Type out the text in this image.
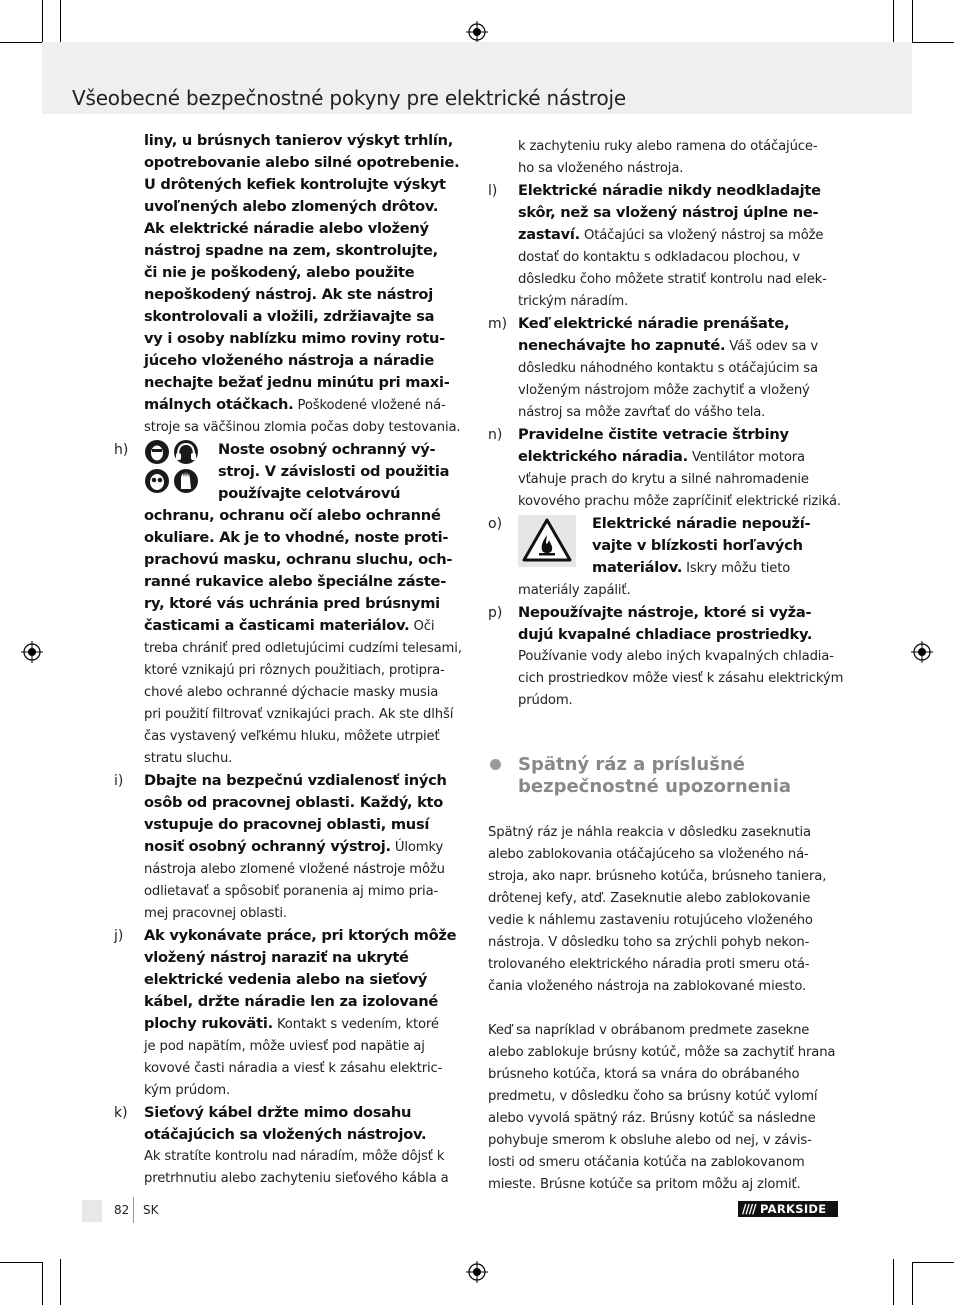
Všeobecné bezpečnostné pokyny pre elektrické nástroje
liny, u brúsnych tanierov výskyt trhlín,
opotrebovanie alebo silné opotrebenie.
U drôtených kefiek kontrolujte výskyt
uvoľnených alebo zlomených drôtov.
Ak elektrické náradie alebo vložený
nástroj spadne na zem, skontrolujte,
či nie je poškodený, alebo použite
nepoškodený nástroj. Ak ste nástroj
skontrolovali a vložili, zdržiavajte sa
vy i osoby nablízku mimo roviny rotu-
júceho vloženého nástroja a náradie
nechajte bežať jednu minútu pri maxi-
málnych otáčkach. Poškodené vložené ná-
stroje sa väčšinou zlomia počas doby testovania.
h)	Noste osobný ochranný vý-
stroj. V závislosti od použitia
používajte celotvárovú
ochranu, ochranu očí alebo ochranné
okuliare. Ak je to vhodné, noste proti-
prachovú masku, ochranu sluchu, och-
ranné rukavice alebo špeciálne záste-
ry, ktoré vás uchránia pred brúsnymi
časticami a časticami materiálov. Oči
treba chrániť pred odletujúcimi cudzími telesami,
ktoré vznikajú pri rôznych použitiach, protipra-
chové alebo ochranné dýchacie masky musia
pri použití filtrovať vznikajúci prach. Ak ste dlhší
čas vystavený veľkému hluku, môžete utrpieť
stratu sluchu.
i) Dbajte na bezpečnú vzdialenosť iných
osôb od pracovnej oblasti. Každý, kto
vstupuje do pracovnej oblasti, musí
nosiť osobný ochranný výstroj. Úlomky
nástroja alebo zlomené vložené nástroje môžu
odlietavať a spôsobiť poranenia aj mimo pria-
mej pracovnej oblasti.
j) Ak vykonávate práce, pri ktorých môže
vložený nástroj naraziť na ukryté
elektrické vedenia alebo na sieťový
kábel, držte náradie len za izolované
plochy rukoväti. Kontakt s vedením, ktoré
je pod napätím, môže uviesť pod napätie aj
kovové časti náradia a viesť k zásahu elektric-
kým prúdom.
k) Sieťový kábel držte mimo dosahu
otáčajúcich sa vložených nástrojov.
Ak stratíte kontrolu nad náradím, môže dôjsť k
pretrhnutiu alebo zachyteniu sieťového kábla a
k zachyteniu ruky alebo ramena do otáčajúce-
ho sa vloženého nástroja.
l) Elektrické náradie nikdy neodkladajte
skôr, než sa vložený nástroj úplne ne-
zastaví. Otáčajúci sa vložený nástroj sa môže
dostať do kontaktu s odkladacou plochou, v
dôsledku čoho môžete stratiť kontrolu nad elek-
trickým náradím.
m) Keď elektrické náradie prenášate,
nenechávajte ho zapnuté. Váš odev sa v
dôsledku náhodného kontaktu s otáčajúcim sa
vloženým nástrojom môže zachytiť a vložený
nástroj sa môže zavŕtať do vášho tela.
n) Pravidelne čistite vetracie štrbiny
elektrického náradia. Ventilátor motora
vťahuje prach do krytu a silné nahromadenie
kovového prachu môže zapríčiniť elektrické riziká.
o)	Elektrické náradie nepouží-
vajte v blízkosti horľavých
materiálov. Iskry môžu tieto
materiály zapáliť.
p) Nepoužívajte nástroje, ktoré si vyža-
dujú kvapalné chladiace prostriedky.
Používanie vody alebo iných kvapalných chladia-
cich prostriedkov môže viesť k zásahu elektrickým
prúdom.
Spätný ráz a príslušné
bezpečnostné upozornenia
Spätný ráz je náhla reakcia v dôsledku zaseknutia
alebo zablokovania otáčajúceho sa vloženého ná-
stroja, ako napr. brúsneho kotúča, brúsneho taniera,
drôtenej kefy, atď. Zaseknutie alebo zablokovanie
vedie k náhlemu zastaveniu rotujúceho vloženého
nástroja. V dôsledku toho sa zrýchli pohyb nekon-
trolovaného elektrického náradia proti smeru otá-
čania vloženého nástroja na zablokované miesto.
Keď sa napríklad v obrábanom predmete zasekne
alebo zablokuje brúsny kotúč, môže sa zachytiť hrana
brúsneho kotúča, ktorá sa vnára do obrábaného
predmetu, v dôsledku čoho sa brúsny kotúč vylomí
alebo vyvolá spätný ráz. Brúsny kotúč sa následne
pohybuje smerom k obsluhe alebo od nej, v závis-
losti od smeru otáčania kotúča na zablokovanom
mieste. Brúsne kotúče sa pritom môžu aj zlomiť.
82 SK	//// PARKSIDE
